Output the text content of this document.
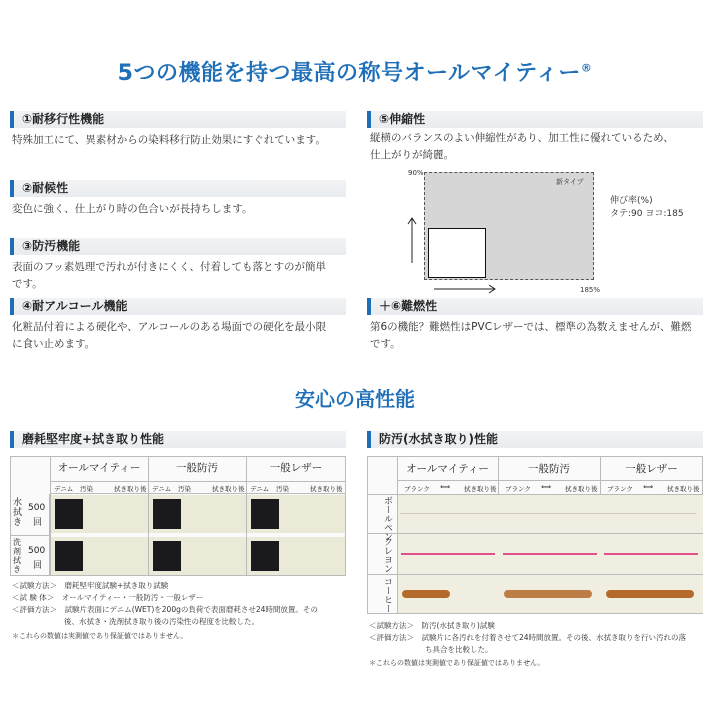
5つの機能を持つ最高の称号オールマイティー®
①耐移行性機能
特殊加工にて、異素材からの染料移行防止効果にすぐれています。
②耐候性
変色に強く、仕上がり時の色合いが長持ちします。
③防汚機能
表面のフッ素処理で汚れが付きにくく、付着しても落とすのが簡単
です。
④耐アルコール機能
化粧品付着による硬化や、アルコールのある場面での硬化を最小限
に食い止めます。
⑤伸縮性
縦横のバランスのよい伸縮性があり、加工性に優れているため、
仕上がりが綺麗。
90%
新タイプ
185%
伸び率(%)
タテ:90 ヨコ:185
＋⑥難燃性
第6の機能？難燃性はPVCレザーでは、標準の為数えませんが、難燃
です。
安心の高性能
磨耗堅牢度+拭き取り性能
オールマイティー	一般防汚	一般レザー
デニム 汚染	拭き取り後 デニム 汚染	拭き取り後 デニム 汚染	拭き取り後
水拭き
500
回
洗剤拭き
500
回
＜試験方法＞　磨耗堅牢度試験+拭き取り試験
＜試 験 体＞　オールマイティー・一般防汚・一般レザー
＜評価方法＞　試験片表面にデニム(WET)を200gの負荷で表面磨耗させ24時間放置。その
後、水拭き・洗剤拭き取り後の汚染性の程度を比較した。
＊これらの数値は実測値であり保証値ではありません。
防汚(水拭き取り)性能
オールマイティー	一般防汚	一般レザー
ブランク ⟺ 拭き取り後 ブランク ⟺ 拭き取り後 ブランク ⟺ 拭き取り後
ボールペン
クレヨン
コーヒー
＜試験方法＞　防汚(水拭き取り)試験
＜評価方法＞　試験片に各汚れを付着させて24時間放置。その後、水拭き取りを行い汚れの落
ち具合を比較した。
＊これらの数値は実測値であり保証値ではありません。
